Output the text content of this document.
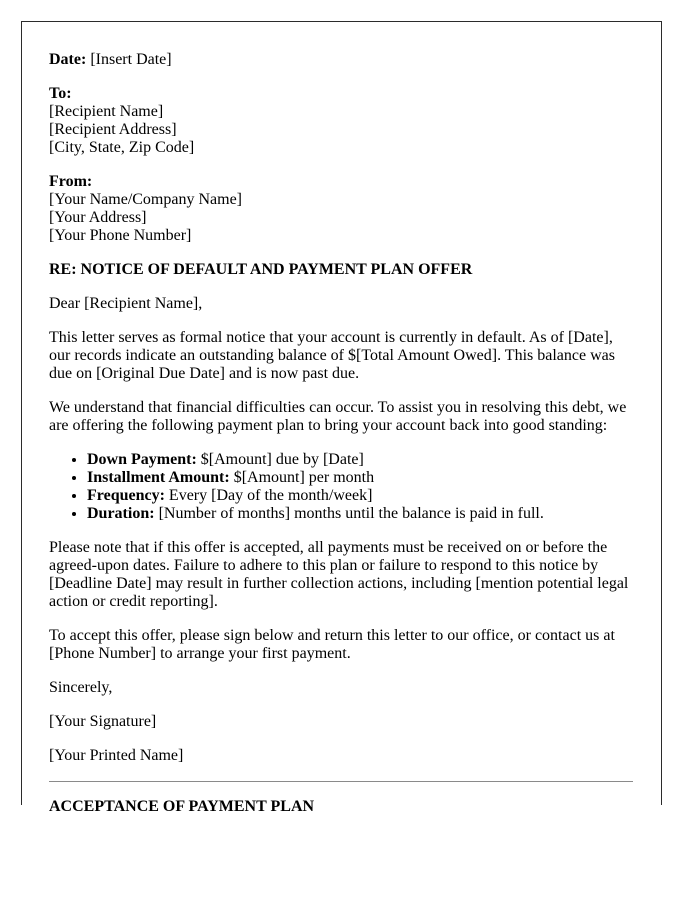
Date: [Insert Date]
To:
[Recipient Name]
[Recipient Address]
[City, State, Zip Code]
From:
[Your Name/Company Name]
[Your Address]
[Your Phone Number]
RE: NOTICE OF DEFAULT AND PAYMENT PLAN OFFER
Dear [Recipient Name],
This letter serves as formal notice that your account is currently in default. As of [Date], our records indicate an outstanding balance of $[Total Amount Owed]. This balance was due on [Original Due Date] and is now past due.
We understand that financial difficulties can occur. To assist you in resolving this debt, we are offering the following payment plan to bring your account back into good standing:
• Down Payment: $[Amount] due by [Date]
• Installment Amount: $[Amount] per month
• Frequency: Every [Day of the month/week]
• Duration: [Number of months] months until the balance is paid in full.
Please note that if this offer is accepted, all payments must be received on or before the agreed-upon dates. Failure to adhere to this plan or failure to respond to this notice by [Deadline Date] may result in further collection actions, including [mention potential legal action or credit reporting].
To accept this offer, please sign below and return this letter to our office, or contact us at [Phone Number] to arrange your first payment.
Sincerely,
[Your Signature]
[Your Printed Name]
ACCEPTANCE OF PAYMENT PLAN
